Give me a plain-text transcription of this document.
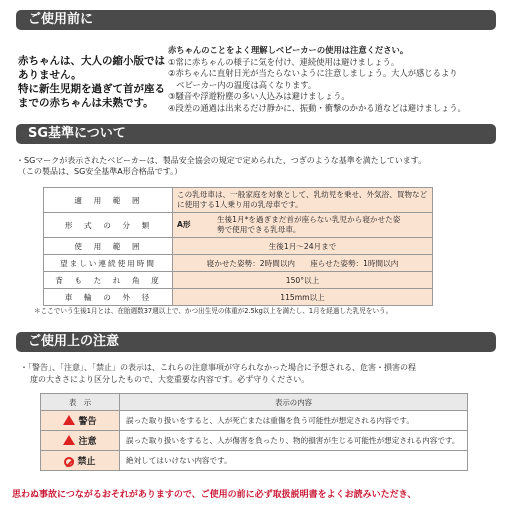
ご使用前に
赤ちゃんは、大人の縮小版では
ありません。
特に新生児期を過ぎて首が座る
までの赤ちゃんは未熟です。
赤ちゃんのことをよく理解しベビーカーの使用は注意ください。
①常に赤ちゃんの様子に気を付け、連続使用は避けましょう。
②赤ちゃんに直射日光が当たらないように注意しましょう。大人が感じるより
　ベビーカー内の温度は高くなります。
③騒音や浮遊粉塵の多い人込みは避けましょう。
④段差の通過は出来るだけ静かに、振動・衝撃のかかる道などは避けましょう。
SG基準について
・SGマークが表示されたベビーカーは、製品安全協会の規定で定められた、つぎのような基準を満たしています。
（この製品は、SG安全基準A形合格品です。）
適　用　範　囲	この乳母車は、一般家庭を対象として、乳幼児を乗せ、外気浴、買物などに使用する1人乗り用の乳母車です。
形　式　の　分　類	A形生後1月*を過ぎまだ首が座らない乳児から寝かせた姿勢で使用できる乳母車。
使　用　範　囲	生後1月〜24月まで
望ましい連続使用時間	寝かせた姿勢：2時間以内　　座らせた姿勢：1時間以内
背　も　た　れ　角　度	150°以上
車　輪　の　外　径	115mm以上
＊ここでいう生後1月とは、在胎週数37週以上で、かつ出生児の体重が2.5kg以上を満たし、1月を経過した乳児をいう。
ご使用上の注意
・「警告」、「注意」、「禁止」の表示は、これらの注意事項が守られなかった場合に予想される、危害・損害の程
度の大きさにより区分したもので、大変重要な内容です。必ず守りください。
表　示	表示の内容
警告	誤った取り扱いをすると、人が死亡または重傷を負う可能性が想定される内容です。
注意	誤った取り扱いをすると、人が傷害を負ったり、物的損害が生じる可能性が想定される内容です。
禁止	絶対してはいけない内容です。
思わぬ事故につながるおそれがありますので、ご使用の前に必ず取扱説明書をよくお読みいただき、
